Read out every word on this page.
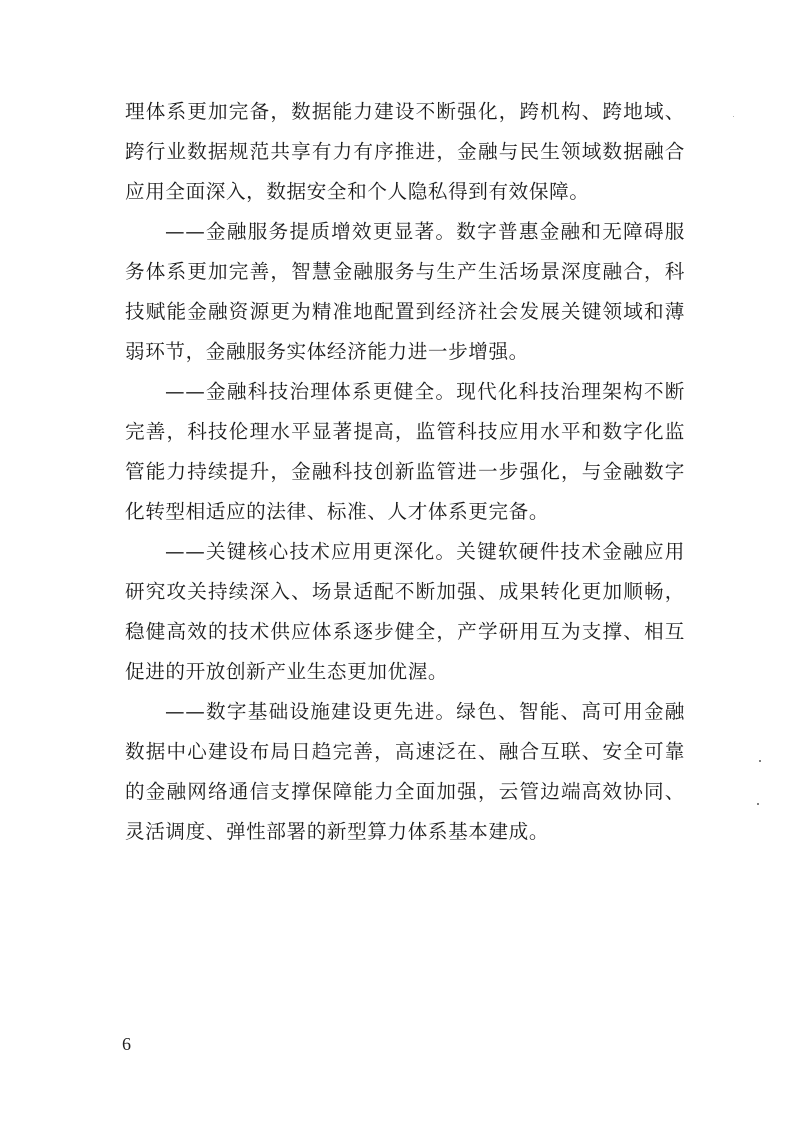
理体系更加完备，数据能力建设不断强化，跨机构、跨地域、跨行业数据规范共享有力有序推进，金融与民生领域数据融合应用全面深入，数据安全和个人隐私得到有效保障。

——金融服务提质增效更显著。数字普惠金融和无障碍服务体系更加完善，智慧金融服务与生产生活场景深度融合，科技赋能金融资源更为精准地配置到经济社会发展关键领域和薄弱环节，金融服务实体经济能力进一步增强。

——金融科技治理体系更健全。现代化科技治理架构不断完善，科技伦理水平显著提高，监管科技应用水平和数字化监管能力持续提升，金融科技创新监管进一步强化，与金融数字化转型相适应的法律、标准、人才体系更完备。

——关键核心技术应用更深化。关键软硬件技术金融应用研究攻关持续深入、场景适配不断加强、成果转化更加顺畅，稳健高效的技术供应体系逐步健全，产学研用互为支撑、相互促进的开放创新产业生态更加优渥。

——数字基础设施建设更先进。绿色、智能、高可用金融数据中心建设布局日趋完善，高速泛在、融合互联、安全可靠的金融网络通信支撑保障能力全面加强，云管边端高效协同、灵活调度、弹性部署的新型算力体系基本建成。

6
